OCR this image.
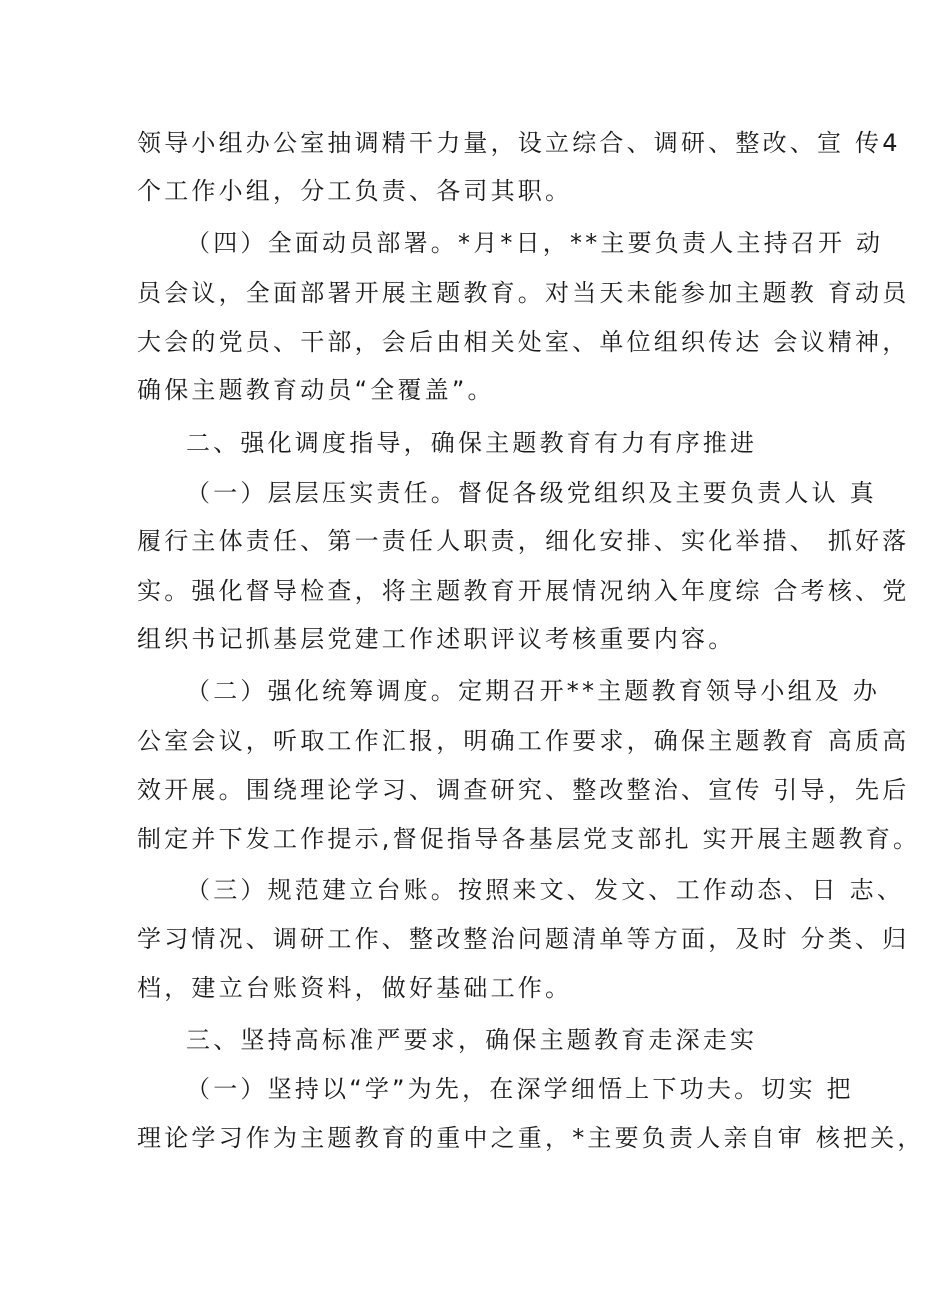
领导小组办公室抽调精干力量，设立综合、调研、整改、宣 传4
个工作小组，分工负责、各司其职。
（四）全面动员部署。*月*日，**主要负责人主持召开 动
员会议，全面部署开展主题教育。对当天未能参加主题教 育动员
大会的党员、干部，会后由相关处室、单位组织传达 会议精神，
确保主题教育动员“全覆盖”。
二、强化调度指导，确保主题教育有力有序推进
（一）层层压实责任。督促各级党组织及主要负责人认 真
履行主体责任、第一责任人职责，细化安排、实化举措、 抓好落
实。强化督导检查，将主题教育开展情况纳入年度综 合考核、党
组织书记抓基层党建工作述职评议考核重要内容。
（二）强化统筹调度。定期召开**主题教育领导小组及 办
公室会议，听取工作汇报，明确工作要求，确保主题教育 高质高
效开展。围绕理论学习、调查研究、整改整治、宣传 引导，先后
制定并下发工作提示,督促指导各基层党支部扎 实开展主题教育。
（三）规范建立台账。按照来文、发文、工作动态、日 志、
学习情况、调研工作、整改整治问题清单等方面，及时 分类、归
档，建立台账资料，做好基础工作。
三、坚持高标准严要求，确保主题教育走深走实
（一）坚持以“学”为先，在深学细悟上下功夫。切实 把
理论学习作为主题教育的重中之重，*主要负责人亲自审 核把关，
